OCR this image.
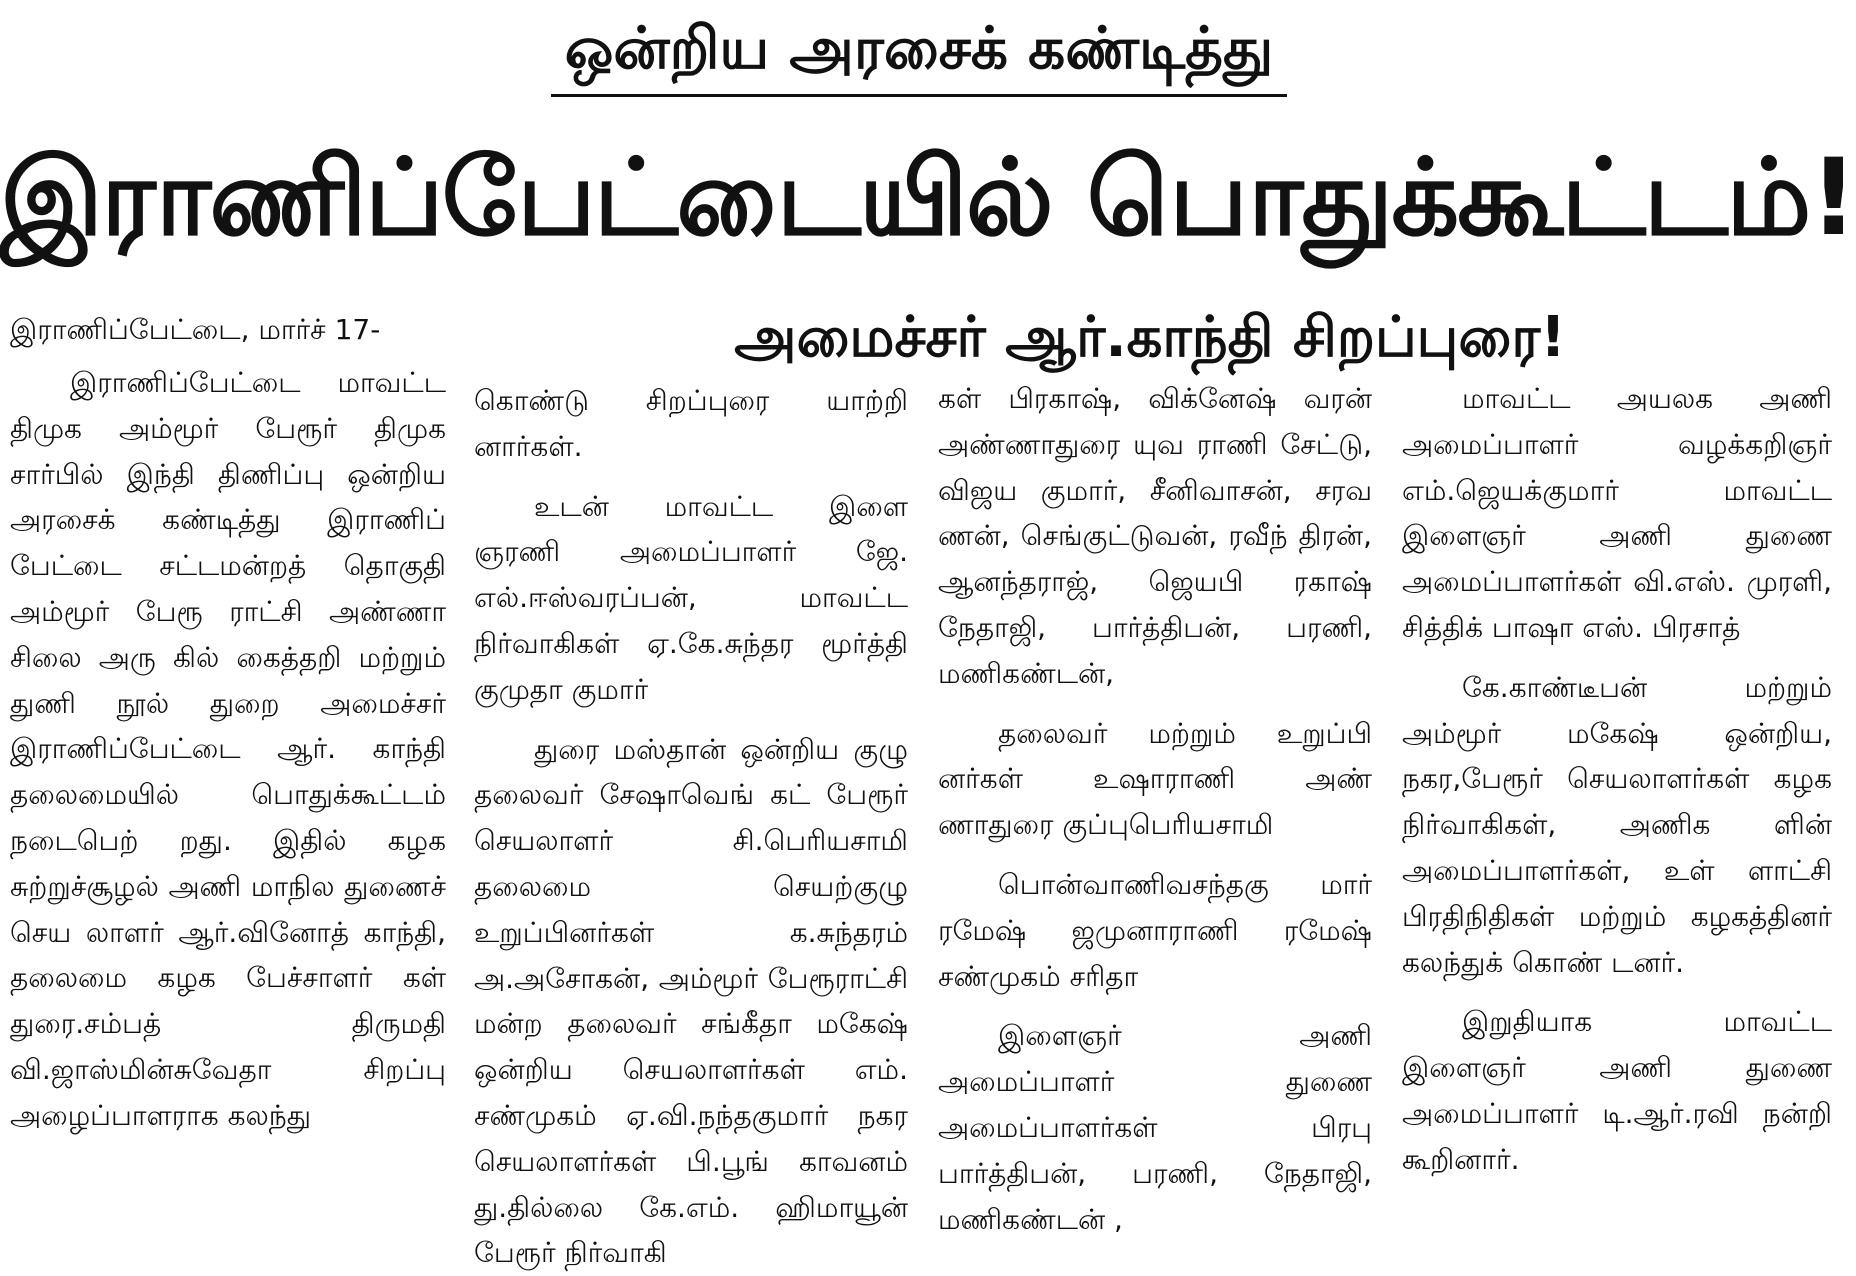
ஒன்றிய அரசைக் கண்டித்து
இராணிப்பேட்டையில் பொதுக்கூட்டம்!
இராணிப்பேட்டை, மார்ச் 17-	அமைச்சர் ஆர்.காந்தி சிறப்புரை!

இராணிப்பேட்டை மாவட்ட திமுக அம்மூர் பேரூர் திமுக சார்பில் இந்தி திணிப்பு ஒன்றிய அரசைக் கண்டித்து இராணிப் பேட்டை சட்டமன்றத் தொகுதி அம்மூர் பேரூ ராட்சி அண்ணா சிலை அரு கில் கைத்தறி மற்றும் துணி நூல் துறை அமைச்சர் இராணிப்பேட்டை ஆர். காந்தி தலைமையில் பொதுக்கூட்டம் நடைபெற் றது. இதில் கழக சுற்றுச்சூழல் அணி மாநில துணைச் செய லாளர் ஆர்.வினோத் காந்தி, தலைமை கழக பேச்சாளர் கள் துரை.சம்பத் திருமதி வி.ஜாஸ்மின்சுவேதா சிறப்பு அழைப்பாளராக கலந்து

கொண்டு சிறப்புரை யாற்றி னார்கள்.

உடன் மாவட்ட இளை ஞரணி அமைப்பாளர் ஜே. எல்.ஈஸ்வரப்பன், மாவட்ட நிர்வாகிகள் ஏ.கே.சுந்தர மூர்த்தி குமுதா குமார்

துரை மஸ்தான் ஒன்றிய குழு தலைவர் சேஷாவெங் கட் பேரூர் செயலாளர் சி.பெரியசாமி தலைமை செயற்குழு உறுப்பினர்கள் க.சுந்தரம் அ.அசோகன், அம்மூர் பேரூராட்சி மன்ற தலைவர் சங்கீதா மகேஷ் ஒன்றிய செயலாளர்கள் எம். சண்முகம் ஏ.வி.நந்தகுமார் நகர செயலாளர்கள் பி.பூங் காவனம் து.தில்லை கே.எம். ஹிமாயூன் பேரூர் நிர்வாகி

கள் பிரகாஷ், விக்னேஷ் வரன் அண்ணாதுரை யுவ ராணி சேட்டு, விஜய குமார், சீனிவாசன், சரவ ணன், செங்குட்டுவன், ரவீந் திரன், ஆனந்தராஜ், ஜெயபி ரகாஷ் நேதாஜி, பார்த்திபன், பரணி, மணிகண்டன்,

தலைவர் மற்றும் உறுப்பி னர்கள் உஷாராணி அண் ணாதுரை குப்புபெரியசாமி

பொன்வாணிவசந்தகு மார் ரமேஷ் ஜமுனாராணி ரமேஷ் சண்முகம் சரிதா

இளைஞர் அணி அமைப்பாளர் துணை அமைப்பாளர்கள் பிரபு பார்த்திபன், பரணி, நேதாஜி, மணிகண்டன் ,

மாவட்ட அயலக அணி அமைப்பாளர் வழக்கறிஞர் எம்.ஜெயக்குமார் மாவட்ட இளைஞர் அணி துணை அமைப்பாளர்கள் வி.எஸ். முரளி, சித்திக் பாஷா எஸ். பிரசாத்

கே.காண்டீபன் மற்றும் அம்மூர் மகேஷ் ஒன்றிய, நகர,பேரூர் செயலாளர்கள் கழக நிர்வாகிகள், அணிக ளின் அமைப்பாளர்கள், உள் ளாட்சி பிரதிநிதிகள் மற்றும் கழகத்தினர் கலந்துக் கொண் டனர்.

இறுதியாக மாவட்ட இளைஞர் அணி துணை அமைப்பாளர் டி.ஆர்.ரவி நன்றி கூறினார்.
